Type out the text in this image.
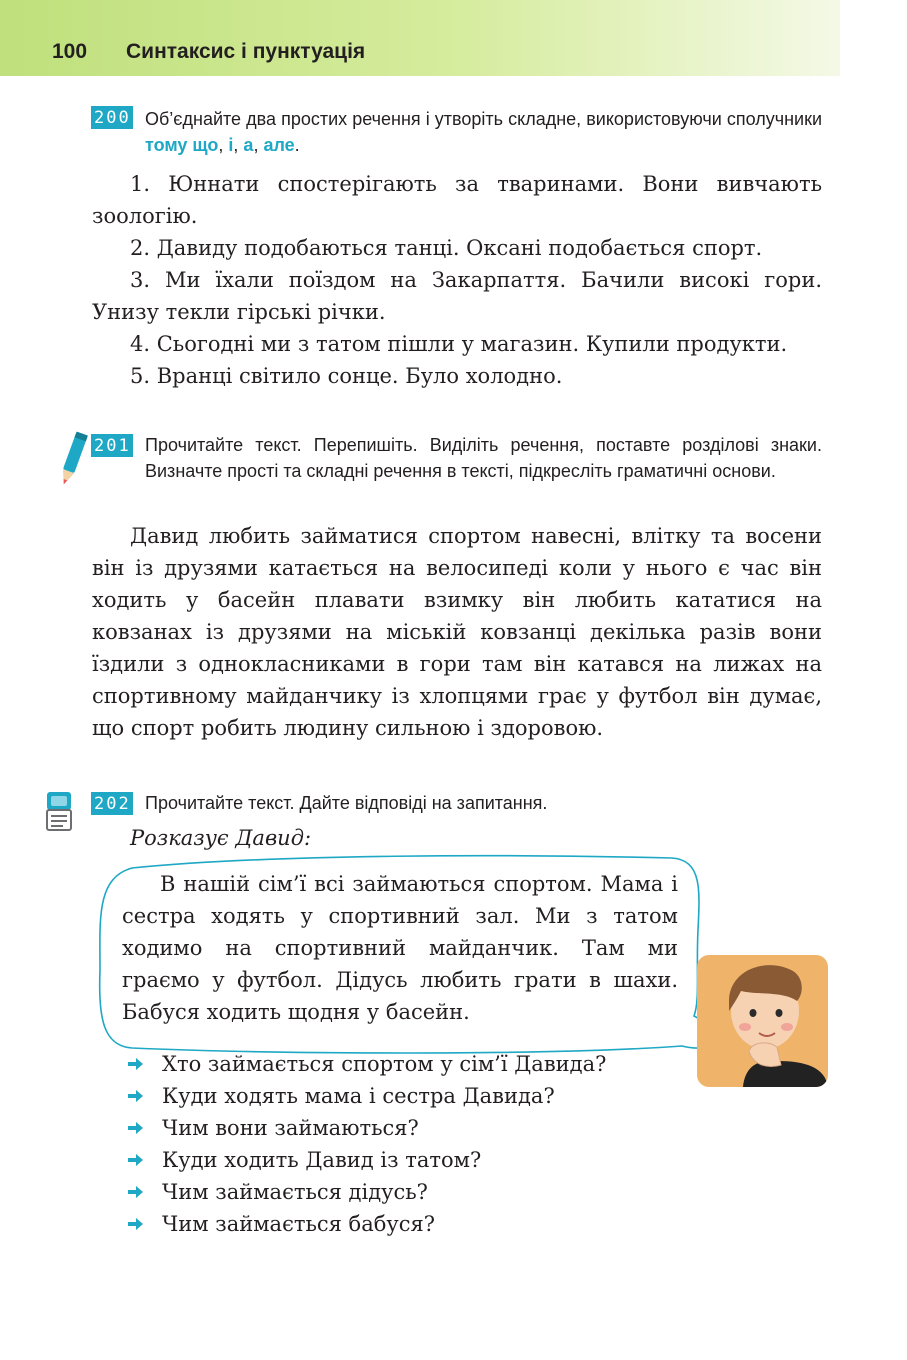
100 Синтаксис і пунктуація
200 Об’єднайте два простих речення і утворіть складне, використовуючи сполучники тому що, і, а, але.

1. Юннати спостерігають за тваринами. Вони вивчають зоологію.

2. Давиду подобаються танці. Оксані подобається спорт.

3. Ми їхали поїздом на Закарпаття. Бачили високі гори. Унизу текли гірські річки.

4. Сьогодні ми з татом пішли у магазин. Купили продукти.

5. Вранці світило сонце. Було холодно.

201 Прочитайте текст. Перепишіть. Виділіть речення, поставте розділові знаки. Визначте прості та складні речення в тексті, підкресліть граматичні основи.

Давид любить займатися спортом навесні, влітку та восени він із друзями катається на велосипеді коли у нього є час він ходить у басейн плавати взимку він любить кататися на ковзанах із друзями на міській ковзанці декілька разів вони їздили з однокласниками в гори там він катався на лижах на спортивному майданчику із хлопцями грає у футбол він думає, що спорт робить людину сильною і здоровою.

202 Прочитайте текст. Дайте відповіді на запитання.
Розказує Давид:

В нашій сім’ї всі займаються спортом. Мама і сестра ходять у спортивний зал. Ми з татом ходимо на спортивний майданчик. Там ми граємо у футбол. Дідусь любить грати в шахи. Бабуся ходить щодня у басейн.

Хто займається спортом у сім’ї Давида?
Куди ходять мама і сестра Давида?
Чим вони займаються?
Куди ходить Давид із татом?
Чим займається дідусь?
Чим займається бабуся?
